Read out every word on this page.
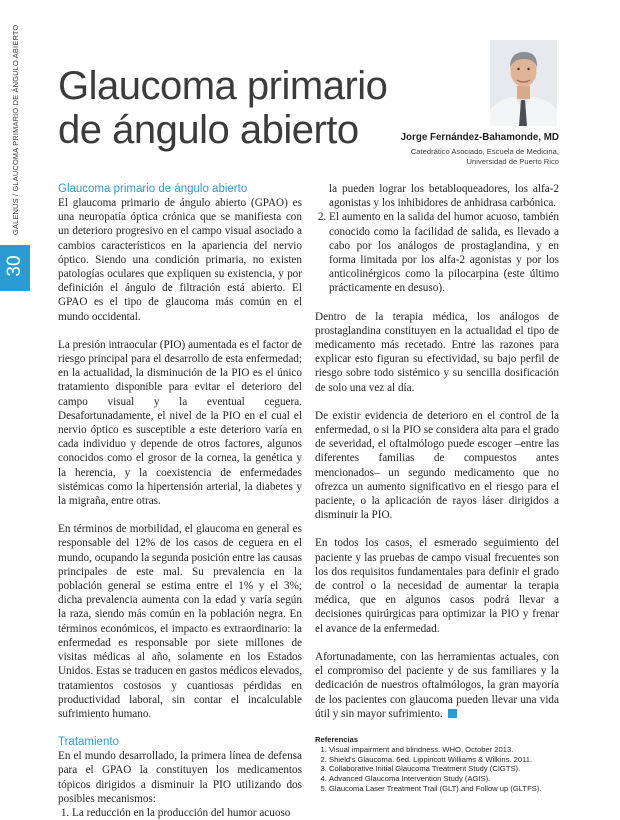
GALENUS / GLAUCOMA PRIMARIO DE ÁNGULO ABIERTO
30
Glaucoma primario
de ángulo abierto	Jorge Fernández-Bahamonde, MD
Catedrático Asociado, Escuela de Medicina,
Universidad de Puerto Rico
Glaucoma primario de ángulo abierto

El glaucoma primario de ángulo abierto (GPAO) es una neuropatía óptica crónica que se manifiesta con un deterioro progresivo en el campo visual asociado a cambios característicos en la apariencia del nervio óptico. Siendo una condición primaria, no existen patologías oculares que expliquen su existencia, y por definición el ángulo de filtración está abierto. El GPAO es el tipo de glaucoma más común en el mundo occidental.

La presión intraocular (PIO) aumentada es el factor de riesgo principal para el desarrollo de esta enfermedad; en la actualidad, la disminución de la PIO es el único tratamiento disponible para evitar el deterioro del campo visual y la eventual ceguera. Desafortunadamente, el nivel de la PIO en el cual el nervio óptico es susceptible a este deterioro varía en cada individuo y depende de otros factores, algunos conocidos como el grosor de la cornea, la genética y la herencia, y la coexistencia de enfermedades sistémicas como la hipertensión arterial, la diabetes y la migraña, entre otras.

En términos de morbilidad, el glaucoma en general es responsable del 12% de los casos de ceguera en el mundo, ocupando la segunda posición entre las causas principales de este mal. Su prevalencia en la población general se estima entre el 1% y el 3%; dicha prevalencia aumenta con la edad y varía según la raza, siendo más común en la población negra. En términos económicos, el impacto es extraordinario: la enfermedad es responsable por siete millones de visitas médicas al año, solamente en los Estados Unidos. Estas se traducen en gastos médicos elevados, tratamientos costosos y cuantiosas pérdidas en productividad laboral, sin contar el incalculable sufrimiento humano.

Tratamiento

En el mundo desarrollado, la primera línea de defensa para el GPAO la constituyen los medicamentos tópicos dirigidos a disminuir la PIO utilizando dos posibles mecanismos:

1. La reducción en la producción del humor acuoso

la pueden lograr los betabloqueadores, los alfa-2 agonistas y los inhibidores de anhidrasa carbónica.

2. El aumento en la salida del humor acuoso, también conocido como la facilidad de salida, es llevado a cabo por los análogos de prostaglandina, y en forma limitada por los alfa-2 agonistas y por los anticolinérgicos como la pilocarpina (este último prácticamente en desuso).

Dentro de la terapia médica, los análogos de prostaglandina constituyen en la actualidad el tipo de medicamento más recetado. Entre las razones para explicar esto figuran su efectividad, su bajo perfil de riesgo sobre todo sistémico y su sencilla dosificación de solo una vez al día.

De existir evidencia de deterioro en el control de la enfermedad, o si la PIO se considera alta para el grado de severidad, el oftalmólogo puede escoger –entre las diferentes familias de compuestos antes mencionados– un segundo medicamento que no ofrezca un aumento significativo en el riesgo para el paciente, o la aplicación de rayos láser dirigidos a disminuir la PIO.

En todos los casos, el esmerado seguimiento del paciente y las pruebas de campo visual frecuentes son los dos requisitos fundamentales para definir el grado de control o la necesidad de aumentar la terapia médica, que en algunos casos podrá llevar a decisiones quirúrgicas para optimizar la PIO y frenar el avance de la enfermedad.

Afortunadamente, con las herramientas actuales, con el compromiso del paciente y de sus familiares y la dedicación de nuestros oftalmólogos, la gran mayoría de los pacientes con glaucoma pueden llevar una vida útil y sin mayor sufrimiento.

Referencias
1. Visual impairment and blindness. WHO, October 2013.
2. Shield's Glaucoma. 6ed. Lippincott Williams & Wilkins. 2011.
3. Collaborative Initial Glaucoma Treatment Study (CIGTS).
4. Advanced Glaucoma Intervention Study (AGIS).
5. Glaucoma Laser Treatment Trail (GLT) and Follow up (GLTFS).
